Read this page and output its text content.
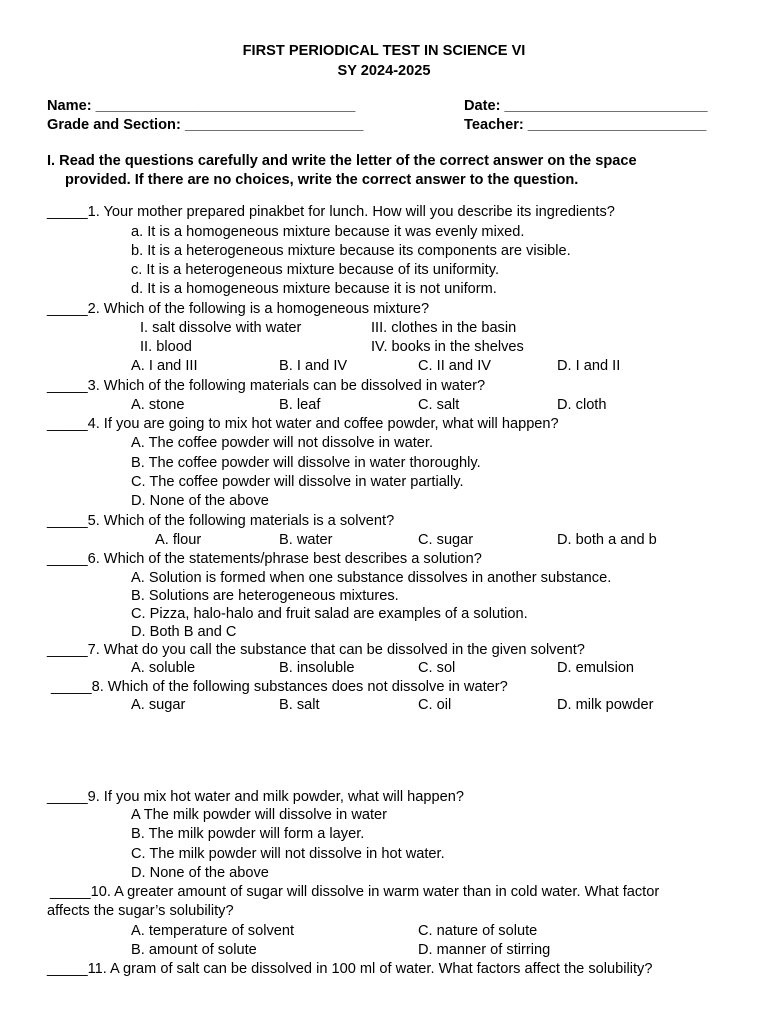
FIRST PERIODICAL TEST IN SCIENCE VI
SY 2024-2025
Name: ________________________________	Date: _________________________
Grade and Section: ______________________	Teacher: ______________________
I. Read the questions carefully and write the letter of the correct answer on the space
provided. If there are no choices, write the correct answer to the question.
_____1. Your mother prepared pinakbet for lunch. How will you describe its ingredients?
a. It is a homogeneous mixture because it was evenly mixed.
b. It is a heterogeneous mixture because its components are visible.
c. It is a heterogeneous mixture because of its uniformity.
d. It is a homogeneous mixture because it is not uniform.
_____2. Which of the following is a homogeneous mixture?
I. salt dissolve with water	III. clothes in the basin
II. blood	IV. books in the shelves
A. I and III	B. I and IV	C. II and IV	D. I and II
_____3. Which of the following materials can be dissolved in water?
A. stone	B. leaf	C. salt	D. cloth
_____4. If you are going to mix hot water and coffee powder, what will happen?
A. The coffee powder will not dissolve in water.
B. The coffee powder will dissolve in water thoroughly.
C. The coffee powder will dissolve in water partially.
D. None of the above
_____5. Which of the following materials is a solvent?
A. flour	B. water	C. sugar	D. both a and b
_____6. Which of the statements/phrase best describes a solution?
A. Solution is formed when one substance dissolves in another substance.
B. Solutions are heterogeneous mixtures.
C. Pizza, halo-halo and fruit salad are examples of a solution.
D. Both B and C
_____7. What do you call the substance that can be dissolved in the given solvent?
A. soluble	B. insoluble	C. sol	D. emulsion
_____8. Which of the following substances does not dissolve in water?
A. sugar	B. salt	C. oil	D. milk powder
_____9. If you mix hot water and milk powder, what will happen?
A The milk powder will dissolve in water
B. The milk powder will form a layer.
C. The milk powder will not dissolve in hot water.
D. None of the above
_____10. A greater amount of sugar will dissolve in warm water than in cold water. What factor
affects the sugar’s solubility?
A. temperature of solvent	C. nature of solute
B. amount of solute	D. manner of stirring
_____11. A gram of salt can be dissolved in 100 ml of water. What factors affect the solubility?
